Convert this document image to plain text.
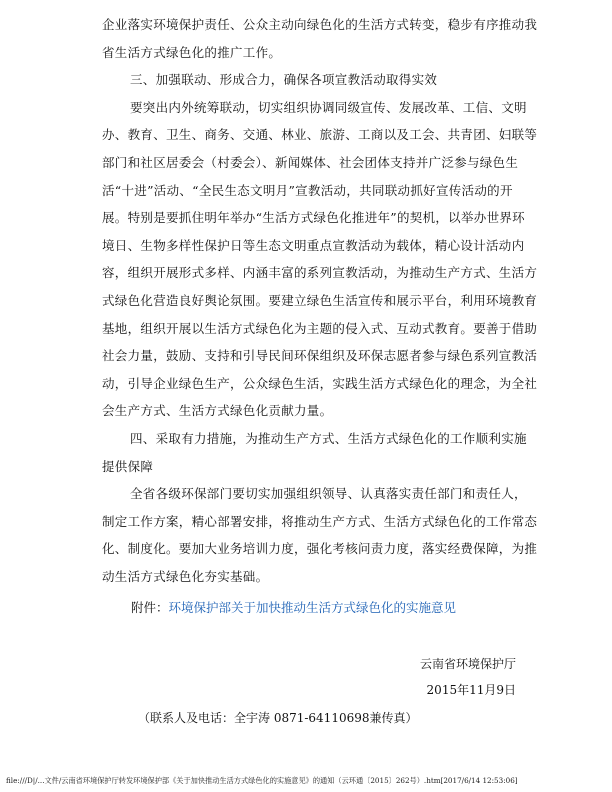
企业落实环境保护责任、公众主动向绿色化的生活方式转变，稳步有序推动我
省生活方式绿色化的推广工作。
三、加强联动、形成合力，确保各项宣教活动取得实效
要突出内外统筹联动，切实组织协调同级宣传、发展改革、工信、文明
办、教育、卫生、商务、交通、林业、旅游、工商以及工会、共青团、妇联等
部门和社区居委会（村委会）、新闻媒体、社会团体支持并广泛参与绿色生
活“十进”活动、“全民生态文明月”宣教活动，共同联动抓好宣传活动的开
展。特别是要抓住明年举办“生活方式绿色化推进年”的契机，以举办世界环
境日、生物多样性保护日等生态文明重点宣教活动为载体，精心设计活动内
容，组织开展形式多样、内涵丰富的系列宣教活动，为推动生产方式、生活方
式绿色化营造良好舆论氛围。要建立绿色生活宣传和展示平台，利用环境教育
基地，组织开展以生活方式绿色化为主题的侵入式、互动式教育。要善于借助
社会力量，鼓励、支持和引导民间环保组织及环保志愿者参与绿色系列宣教活
动，引导企业绿色生产，公众绿色生活，实践生活方式绿色化的理念，为全社
会生产方式、生活方式绿色化贡献力量。
四、采取有力措施，为推动生产方式、生活方式绿色化的工作顺利实施
提供保障
全省各级环保部门要切实加强组织领导、认真落实责任部门和责任人，
制定工作方案，精心部署安排，将推动生产方式、生活方式绿色化的工作常态
化、制度化。要加大业务培训力度，强化考核问责力度，落实经费保障，为推
动生活方式绿色化夯实基础。
附件：环境保护部关于加快推动生活方式绿色化的实施意见
云南省环境保护厅
2015年11月9日
（联系人及电话：全宇涛 0871-64110698兼传真）
file:///D|/...文件/云南省环境保护厅转发环境保护部《关于加快推动生活方式绿色化的实施意见》的通知（云环通〔2015〕262号）.htm[2017/6/14 12:53:06]
